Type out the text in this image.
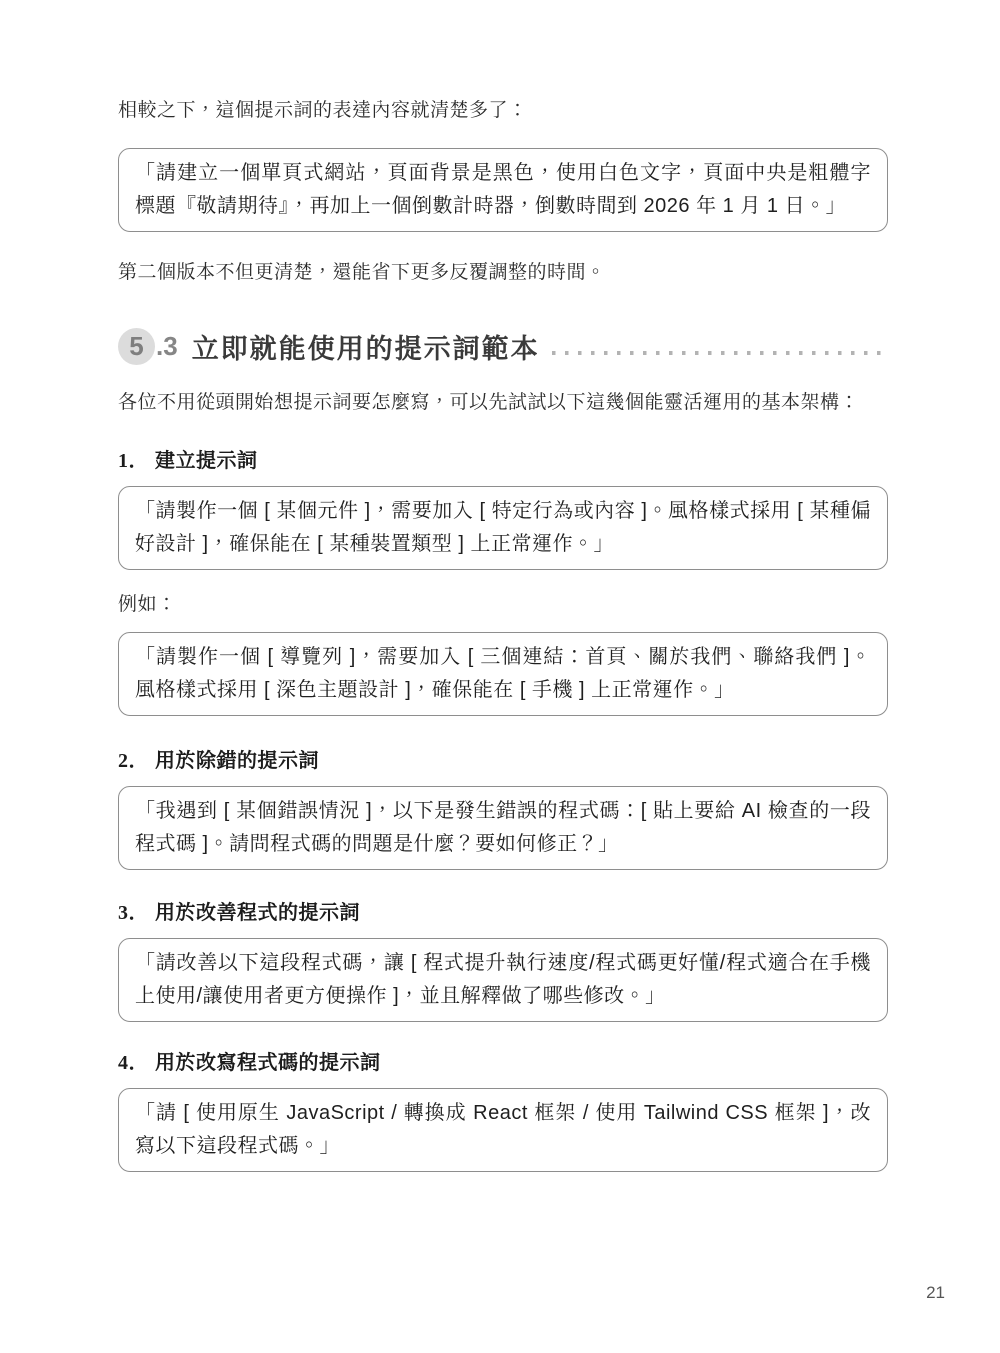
相較之下，這個提示詞的表達內容就清楚多了：

「請建立一個單頁式網站，頁面背景是黑色，使用白色文字，頁面中央是粗體字標題『敬請期待』，再加上一個倒數計時器，倒數時間到 2026 年 1 月 1 日。」

第二個版本不但更清楚，還能省下更多反覆調整的時間。

5 .3 立即就能使用的提示詞範本

各位不用從頭開始想提示詞要怎麼寫，可以先試試以下這幾個能靈活運用的基本架構：

1． 建立提示詞

「請製作一個 [ 某個元件 ]，需要加入 [ 特定行為或內容 ]。風格樣式採用 [ 某種偏好設計 ]，確保能在 [ 某種裝置類型 ] 上正常運作。」

例如：

「請製作一個 [ 導覽列 ]，需要加入 [ 三個連結：首頁、關於我們、聯絡我們 ]。風格樣式採用 [ 深色主題設計 ]，確保能在 [ 手機 ] 上正常運作。」

2． 用於除錯的提示詞

「我遇到 [ 某個錯誤情況 ]，以下是發生錯誤的程式碼：[ 貼上要給 AI 檢查的一段程式碼 ]。請問程式碼的問題是什麼？要如何修正？」

3． 用於改善程式的提示詞

「請改善以下這段程式碼，讓 [ 程式提升執行速度/程式碼更好懂/程式適合在手機上使用/讓使用者更方便操作 ]，並且解釋做了哪些修改。」

4． 用於改寫程式碼的提示詞

「請 [ 使用原生 JavaScript / 轉換成 React 框架 / 使用 Tailwind CSS 框架 ]，改寫以下這段程式碼。」

21
